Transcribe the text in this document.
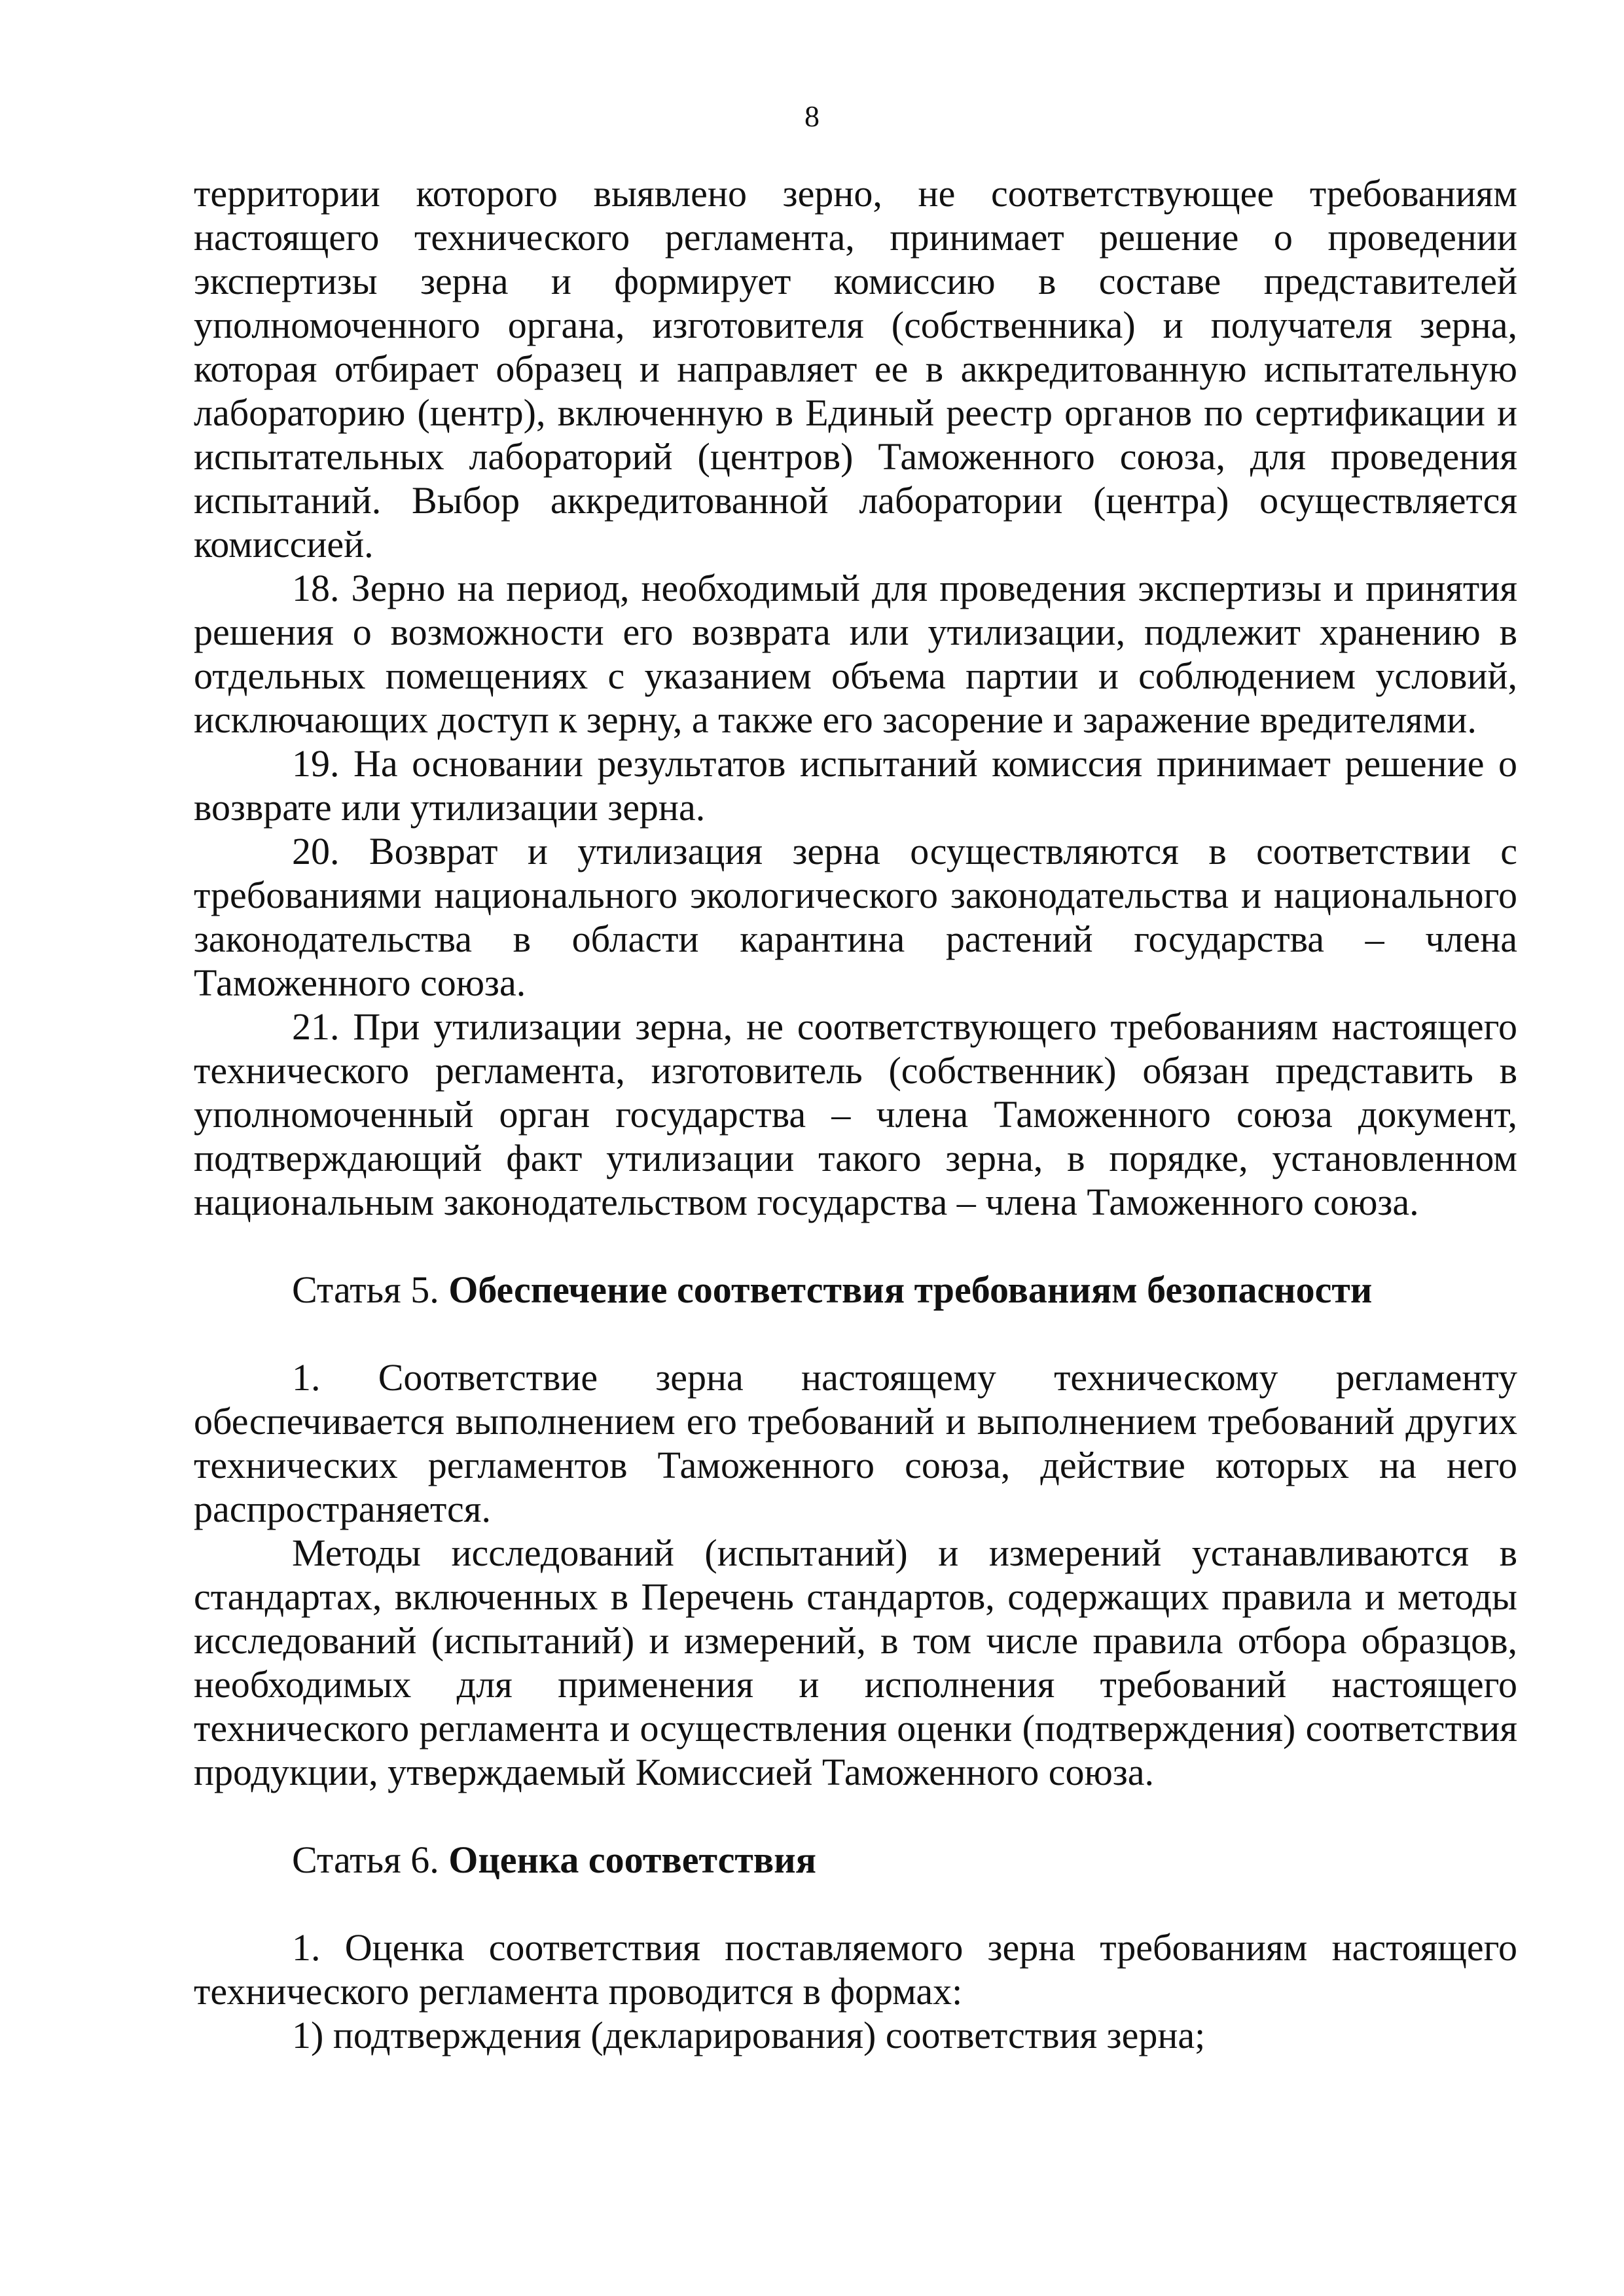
8

территории которого выявлено зерно, не соответствующее требованиям настоящего технического регламента, принимает решение о проведении экспертизы зерна и формирует комиссию в составе представителей уполномоченного органа, изготовителя (собственника) и получателя зерна, которая отбирает образец и направляет ее в аккредитованную испытательную лабораторию (центр), включенную в Единый реестр органов по сертификации и испытательных лабораторий (центров) Таможенного союза, для проведения испытаний. Выбор аккредитованной лаборатории (центра) осуществляется комиссией.

18. Зерно на период, необходимый для проведения экспертизы и принятия решения о возможности его возврата или утилизации, подлежит хранению в отдельных помещениях с указанием объема партии и соблюдением условий, исключающих доступ к зерну, а также его засорение и заражение вредителями.

19. На основании результатов испытаний комиссия принимает решение о возврате или утилизации зерна.

20. Возврат и утилизация зерна осуществляются в соответствии с требованиями национального экологического законодательства и национального законодательства в области карантина растений государства – члена Таможенного союза.

21. При утилизации зерна, не соответствующего требованиям настоящего технического регламента, изготовитель (собственник) обязан представить в уполномоченный орган государства – члена Таможенного союза документ, подтверждающий факт утилизации такого зерна, в порядке, установленном национальным законодательством государства – члена Таможенного союза.

Статья 5. Обеспечение соответствия требованиям безопасности

1. Соответствие зерна настоящему техническому регламенту обеспечивается выполнением его требований и выполнением требований других технических регламентов Таможенного союза, действие которых на него распространяется.

Методы исследований (испытаний) и измерений устанавливаются в стандартах, включенных в Перечень стандартов, содержащих правила и методы исследований (испытаний) и измерений, в том числе правила отбора образцов, необходимых для применения и исполнения требований настоящего технического регламента и осуществления оценки (подтверждения) соответствия продукции, утверждаемый Комиссией Таможенного союза.

Статья 6. Оценка соответствия

1. Оценка соответствия поставляемого зерна требованиям настоящего технического регламента проводится в формах:

1) подтверждения (декларирования) соответствия зерна;
